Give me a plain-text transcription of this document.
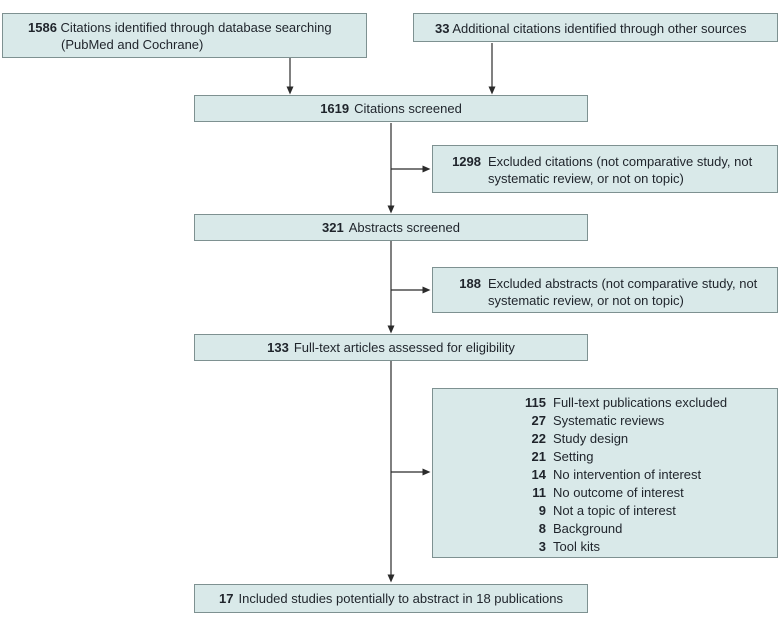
1586 Citations identified through database searching
(PubMed and Cochrane)
33 Additional citations identified through other sources
1619 Citations screened
1298 Excluded citations (not comparative study, not
systematic review, or not on topic)
321 Abstracts screened
188 Excluded abstracts (not comparative study, not
systematic review, or not on topic)
133 Full-text articles assessed for eligibility
115 Full-text publications excluded
27 Systematic reviews
22 Study design
21 Setting
14 No intervention of interest
11 No outcome of interest
9 Not a topic of interest
8 Background
3 Tool kits
17 Included studies potentially to abstract in 18 publications
